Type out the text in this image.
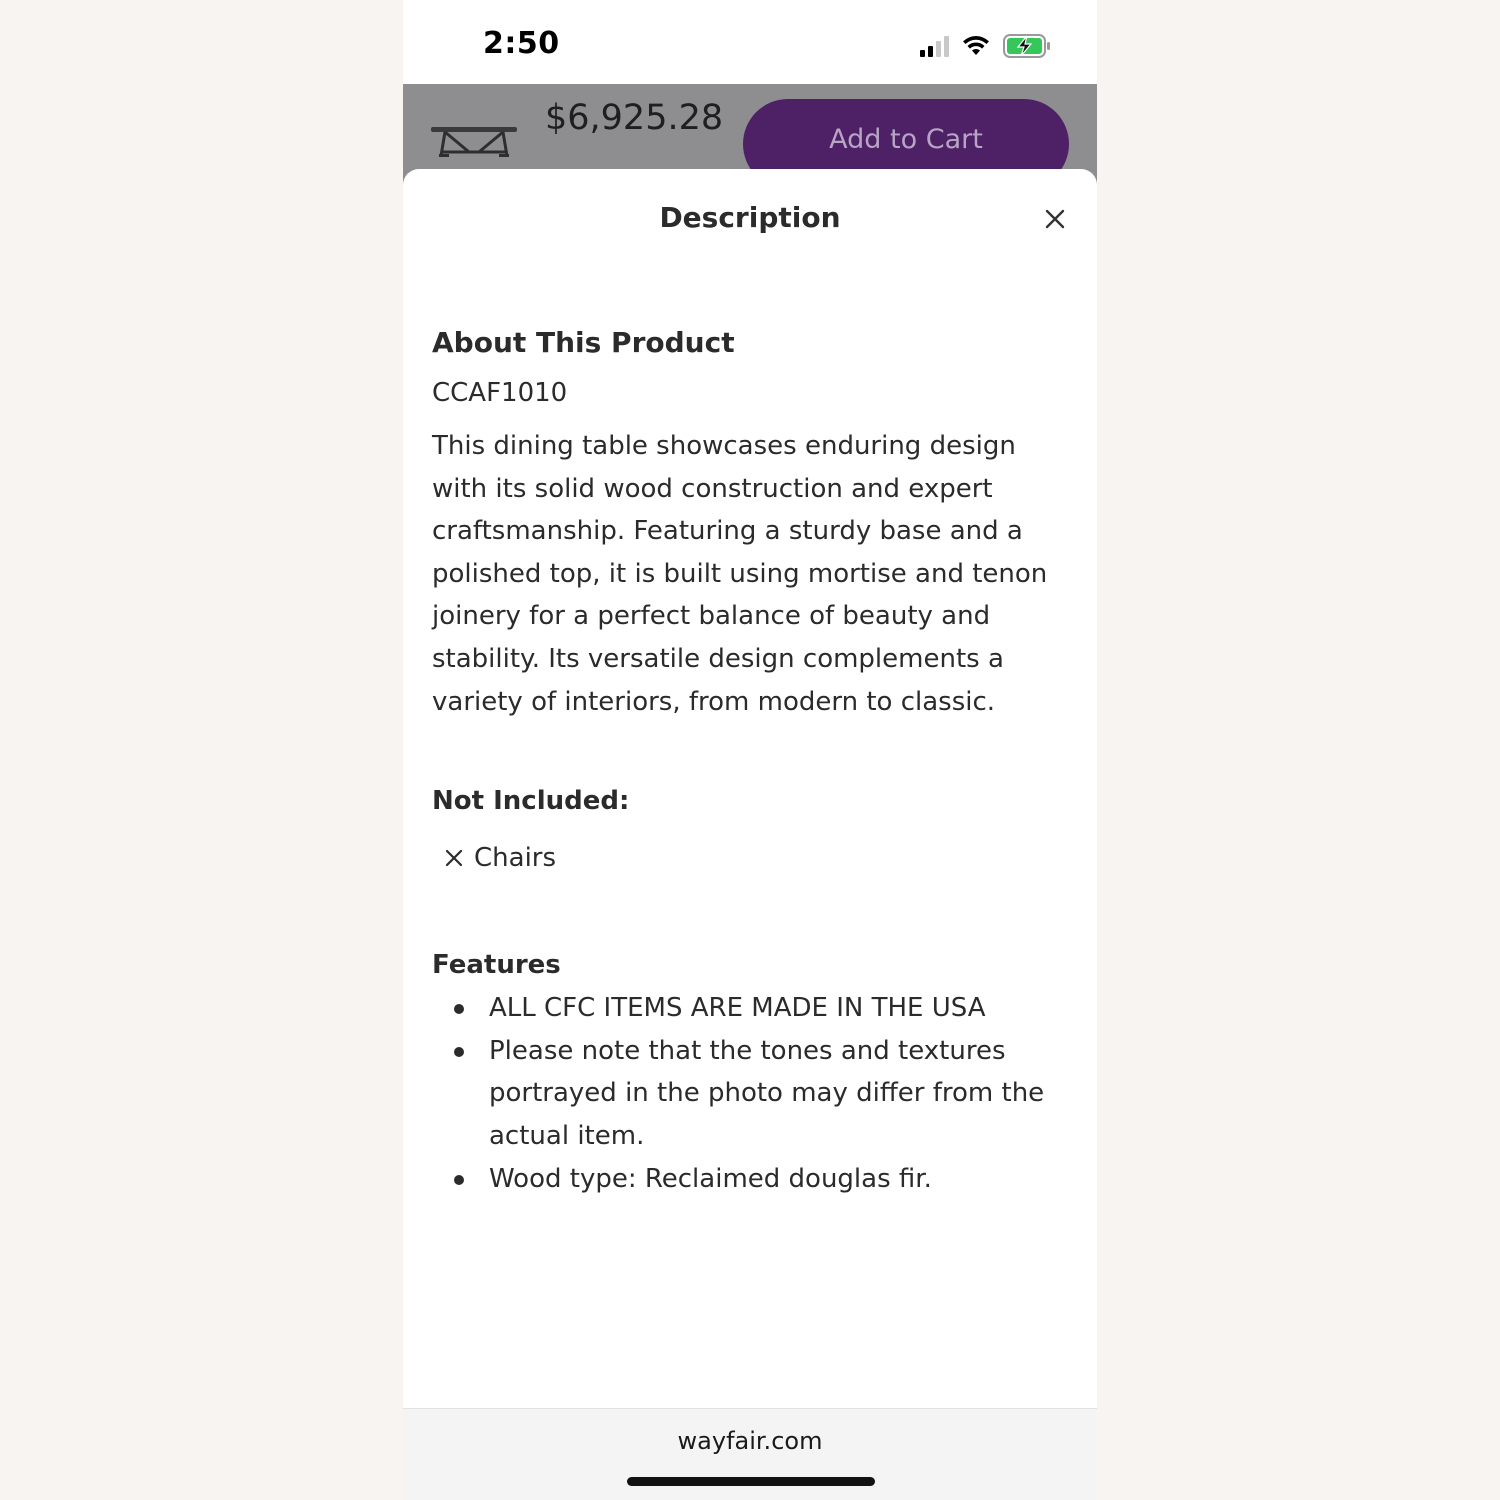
2:50
$6,925.28
Add to Cart
Description
About This Product
CCAF1010

This dining table showcases enduring design with its solid wood construction and expert craftsmanship. Featuring a sturdy base and a polished top, it is built using mortise and tenon joinery for a perfect balance of beauty and stability. Its versatile design complements a variety of interiors, from modern to classic.

Not Included:
Chairs
Features
ALL CFC ITEMS ARE MADE IN THE USA
Please note that the tones and textures portrayed in the photo may differ from the actual item.
Wood type: Reclaimed douglas fir.
wayfair.com
